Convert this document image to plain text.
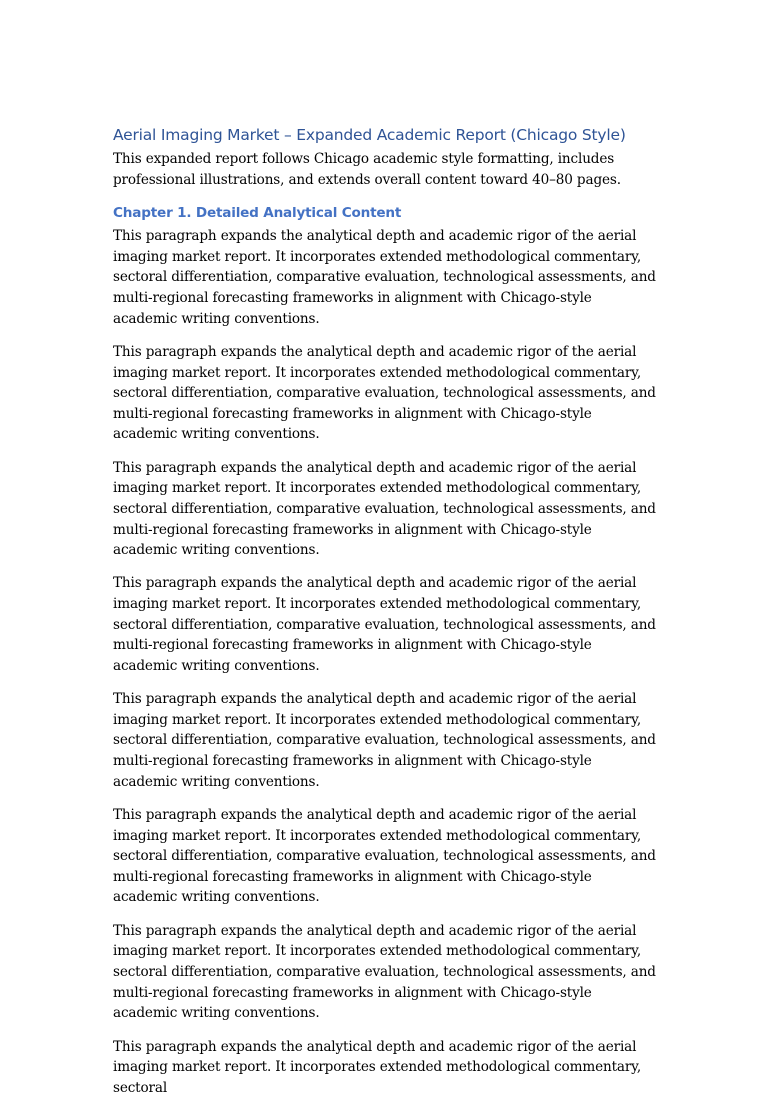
Aerial Imaging Market – Expanded Academic Report (Chicago Style)

This expanded report follows Chicago academic style formatting, includes professional illustrations, and extends overall content toward 40–80 pages.

Chapter 1. Detailed Analytical Content

This paragraph expands the analytical depth and academic rigor of the aerial imaging market report. It incorporates extended methodological commentary, sectoral differentiation, comparative evaluation, technological assessments, and multi-regional forecasting frameworks in alignment with Chicago-style academic writing conventions.

This paragraph expands the analytical depth and academic rigor of the aerial imaging market report. It incorporates extended methodological commentary, sectoral differentiation, comparative evaluation, technological assessments, and multi-regional forecasting frameworks in alignment with Chicago-style academic writing conventions.

This paragraph expands the analytical depth and academic rigor of the aerial imaging market report. It incorporates extended methodological commentary, sectoral differentiation, comparative evaluation, technological assessments, and multi-regional forecasting frameworks in alignment with Chicago-style academic writing conventions.

This paragraph expands the analytical depth and academic rigor of the aerial imaging market report. It incorporates extended methodological commentary, sectoral differentiation, comparative evaluation, technological assessments, and multi-regional forecasting frameworks in alignment with Chicago-style academic writing conventions.

This paragraph expands the analytical depth and academic rigor of the aerial imaging market report. It incorporates extended methodological commentary, sectoral differentiation, comparative evaluation, technological assessments, and multi-regional forecasting frameworks in alignment with Chicago-style academic writing conventions.

This paragraph expands the analytical depth and academic rigor of the aerial imaging market report. It incorporates extended methodological commentary, sectoral differentiation, comparative evaluation, technological assessments, and multi-regional forecasting frameworks in alignment with Chicago-style academic writing conventions.

This paragraph expands the analytical depth and academic rigor of the aerial imaging market report. It incorporates extended methodological commentary, sectoral differentiation, comparative evaluation, technological assessments, and multi-regional forecasting frameworks in alignment with Chicago-style academic writing conventions.

This paragraph expands the analytical depth and academic rigor of the aerial imaging market report. It incorporates extended methodological commentary, sectoral
